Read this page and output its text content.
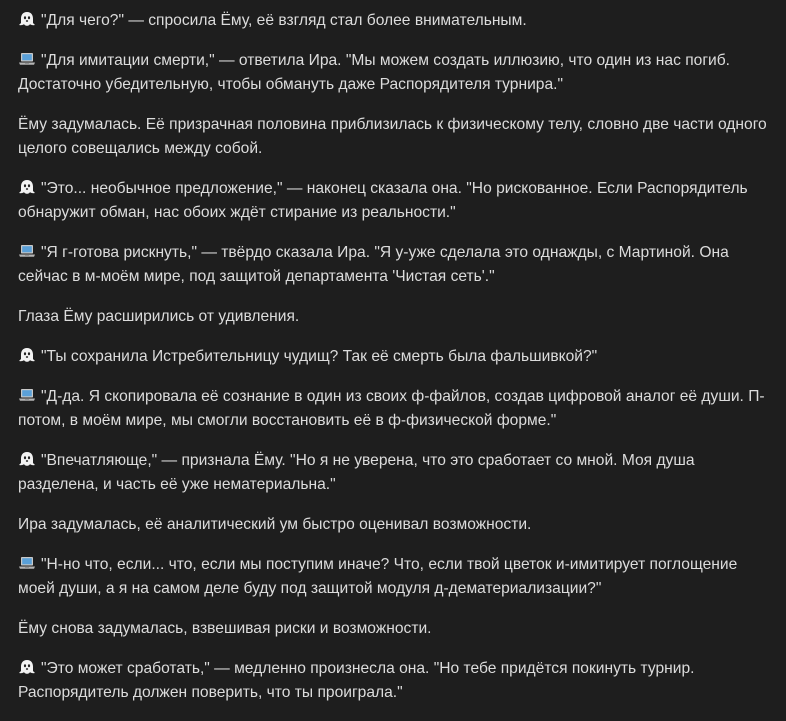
"Для чего?" — спросила Ёму, её взгляд стал более внимательным.

"Для имитации смерти," — ответила Ира. "Мы можем создать иллюзию, что один из нас погиб. Достаточно убедительную, чтобы обмануть даже Распорядителя турнира."

Ёму задумалась. Её призрачная половина приблизилась к физическому телу, словно две части одного целого совещались между собой.

"Это... необычное предложение," — наконец сказала она. "Но рискованное. Если Распорядитель обнаружит обман, нас обоих ждёт стирание из реальности."

"Я г-готова рискнуть," — твёрдо сказала Ира. "Я у-уже сделала это однажды, с Мартиной. Она сейчас в м-моём мире, под защитой департамента 'Чистая сеть'."

Глаза Ёму расширились от удивления.

"Ты сохранила Истребительницу чудищ? Так её смерть была фальшивкой?"

"Д-да. Я скопировала её сознание в один из своих ф-файлов, создав цифровой аналог её души. П-потом, в моём мире, мы смогли восстановить её в ф-физической форме."

"Впечатляюще," — признала Ёму. "Но я не уверена, что это сработает со мной. Моя душа разделена, и часть её уже нематериальна."

Ира задумалась, её аналитический ум быстро оценивал возможности.

"Н-но что, если... что, если мы поступим иначе? Что, если твой цветок и-имитирует поглощение моей души, а я на самом деле буду под защитой модуля д-дематериализации?"

Ёму снова задумалась, взвешивая риски и возможности.

"Это может сработать," — медленно произнесла она. "Но тебе придётся покинуть турнир. Распорядитель должен поверить, что ты проиграла."
